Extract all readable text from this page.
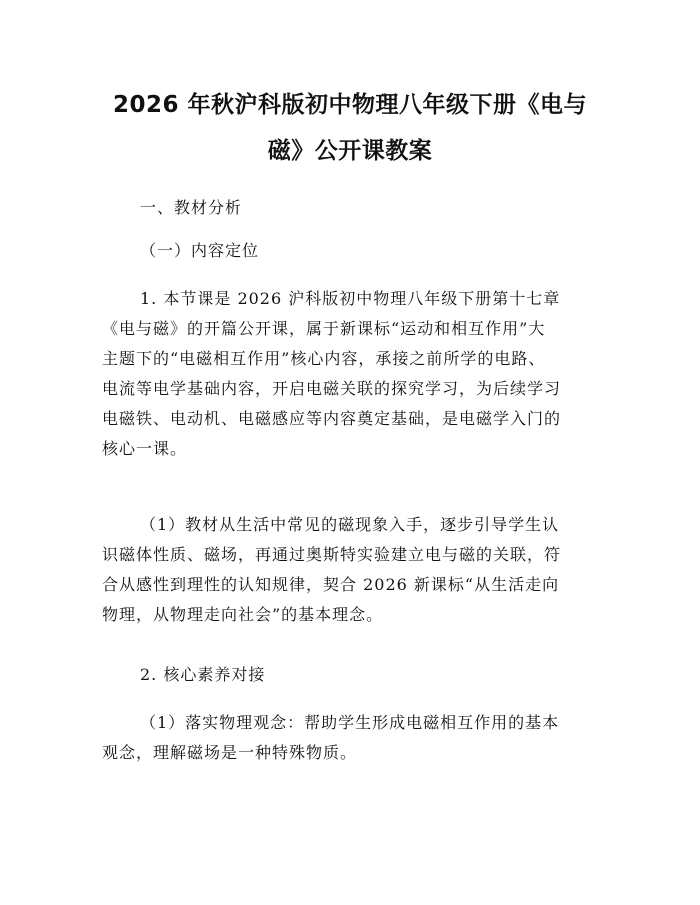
2026 年秋沪科版初中物理八年级下册《电与
磁》公开课教案

一、教材分析

（一）内容定位

1. 本节课是 2026 沪科版初中物理八年级下册第十七章
《电与磁》的开篇公开课，属于新课标“运动和相互作用”大
主题下的“电磁相互作用”核心内容，承接之前所学的电路、
电流等电学基础内容，开启电磁关联的探究学习，为后续学习
电磁铁、电动机、电磁感应等内容奠定基础，是电磁学入门的
核心一课。
（1）教材从生活中常见的磁现象入手，逐步引导学生认
识磁体性质、磁场，再通过奥斯特实验建立电与磁的关联，符
合从感性到理性的认知规律，契合 2026 新课标“从生活走向
物理，从物理走向社会”的基本理念。

2. 核心素养对接

（1）落实物理观念：帮助学生形成电磁相互作用的基本
观念，理解磁场是一种特殊物质。
